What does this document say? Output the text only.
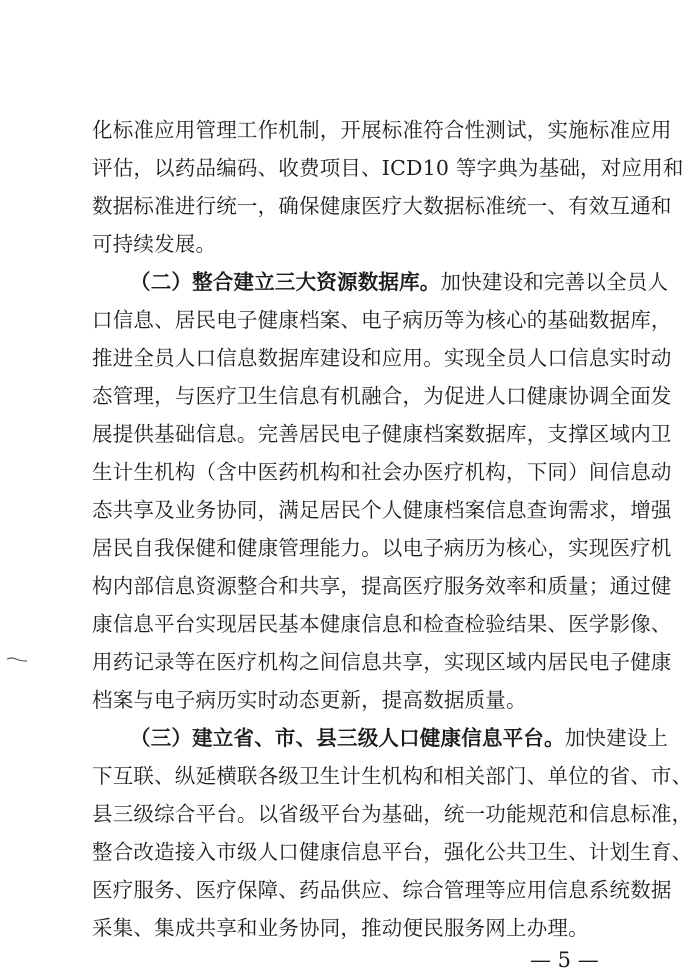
化标准应用管理工作机制，开展标准符合性测试，实施标准应用
评估，以药品编码、收费项目、ICD10 等字典为基础，对应用和
数据标准进行统一，确保健康医疗大数据标准统一、有效互通和
可持续发展。
（二）整合建立三大资源数据库。加快建设和完善以全员人
口信息、居民电子健康档案、电子病历等为核心的基础数据库，
推进全员人口信息数据库建设和应用。实现全员人口信息实时动
态管理，与医疗卫生信息有机融合，为促进人口健康协调全面发
展提供基础信息。完善居民电子健康档案数据库，支撑区域内卫
生计生机构（含中医药机构和社会办医疗机构，下同）间信息动
态共享及业务协同，满足居民个人健康档案信息查询需求，增强
居民自我保健和健康管理能力。以电子病历为核心，实现医疗机
构内部信息资源整合和共享，提高医疗服务效率和质量；通过健
康信息平台实现居民基本健康信息和检查检验结果、医学影像、
用药记录等在医疗机构之间信息共享，实现区域内居民电子健康
档案与电子病历实时动态更新，提高数据质量。
（三）建立省、市、县三级人口健康信息平台。加快建设上
下互联、纵延横联各级卫生计生机构和相关部门、单位的省、市、
县三级综合平台。以省级平台为基础，统一功能规范和信息标准，
整合改造接入市级人口健康信息平台，强化公共卫生、计划生育、
医疗服务、医疗保障、药品供应、综合管理等应用信息系统数据
采集、集成共享和业务协同，推动便民服务网上办理。
— 5 —
